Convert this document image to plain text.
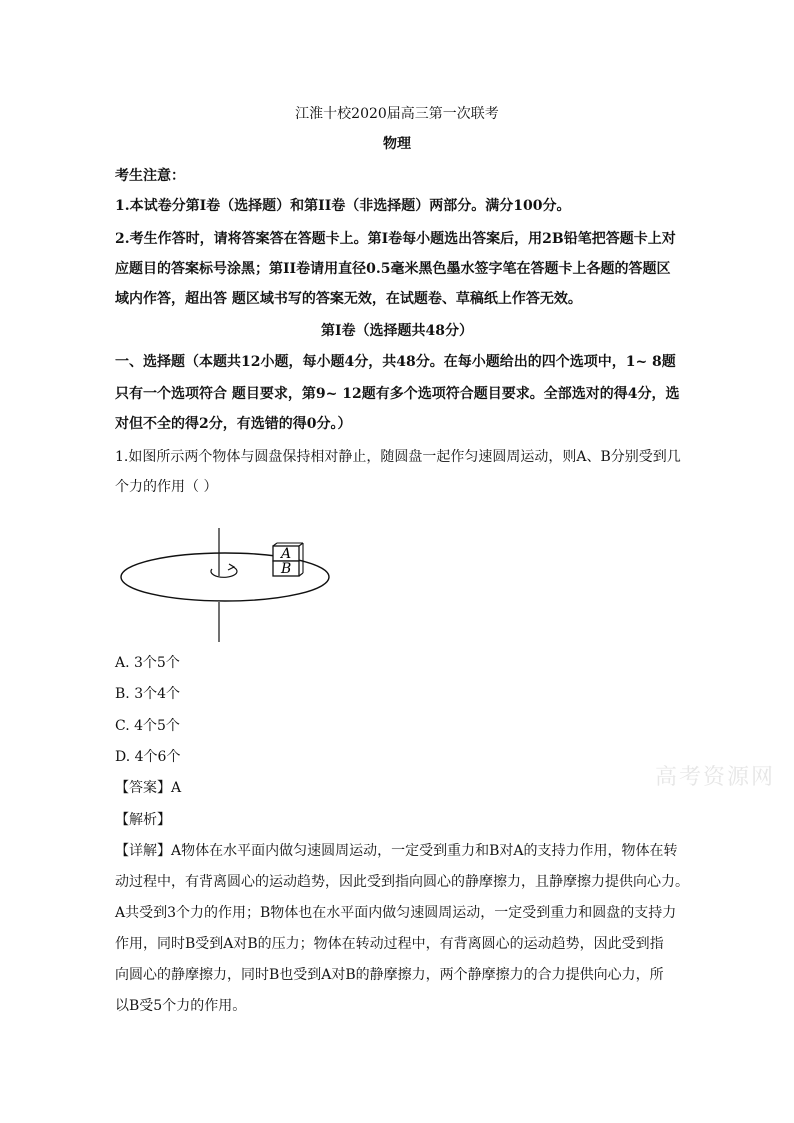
江淮十校2020届高三第一次联考
物理
考生注意：
1.本试卷分第I卷（选择题）和第II卷（非选择题）两部分。满分100分。
2.考生作答时，请将答案答在答题卡上。第I卷每小题选出答案后，用2B铅笔把答题卡上对
应题目的答案标号涂黑；第II卷请用直径0.5毫米黑色墨水签字笔在答题卡上各题的答题区
域内作答，超出答 题区域书写的答案无效，在试题卷、草稿纸上作答无效。
第I卷（选择题共48分）
一、选择题（本题共12小题，每小题4分，共48分。在每小题给出的四个选项中，1~ 8题
只有一个选项符合 题目要求，第9~ 12题有多个选项符合题目要求。全部选对的得4分，选
对但不全的得2分，有选错的得0分。）
1.如图所示两个物体与圆盘保持相对静止，随圆盘一起作匀速圆周运动，则A、B分别受到几
个力的作用（ ）
A
B
A. 3个5个
B. 3个4个
C. 4个5个
D. 4个6个
【答案】A
【解析】
【详解】A物体在水平面内做匀速圆周运动，一定受到重力和B对A的支持力作用，物体在转
动过程中，有背离圆心的运动趋势，因此受到指向圆心的静摩擦力，且静摩擦力提供向心力。
A共受到3个力的作用；B物体也在水平面内做匀速圆周运动，一定受到重力和圆盘的支持力
作用，同时B受到A对B的压力；物体在转动过程中，有背离圆心的运动趋势，因此受到指
向圆心的静摩擦力，同时B也受到A对B的静摩擦力，两个静摩擦力的合力提供向心力，所
以B受5个力的作用。
高考资源网
